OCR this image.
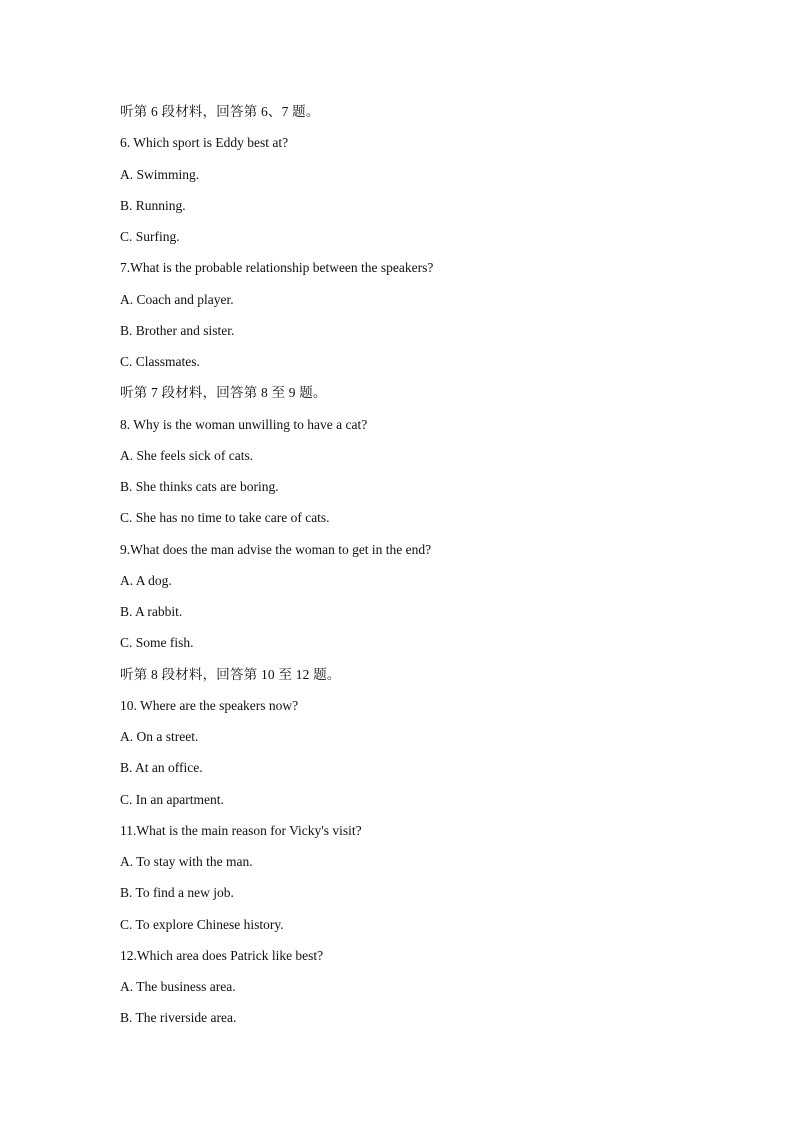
听第 6 段材料，回答第 6、7 题。
6. Which sport is Eddy best at?
A. Swimming.
B. Running.
C. Surfing.
7.What is the probable relationship between the speakers?
A. Coach and player.
B. Brother and sister.
C. Classmates.
听第 7 段材料，回答第 8 至 9 题。
8. Why is the woman unwilling to have a cat?
A. She feels sick of cats.
B. She thinks cats are boring.
C. She has no time to take care of cats.
9.What does the man advise the woman to get in the end?
A. A dog.
B. A rabbit.
C. Some fish.
听第 8 段材料，回答第 10 至 12 题。
10. Where are the speakers now?
A. On a street.
B. At an office.
C. In an apartment.
11.What is the main reason for Vicky's visit?
A. To stay with the man.
B. To find a new job.
C. To explore Chinese history.
12.Which area does Patrick like best?
A. The business area.
B. The riverside area.
